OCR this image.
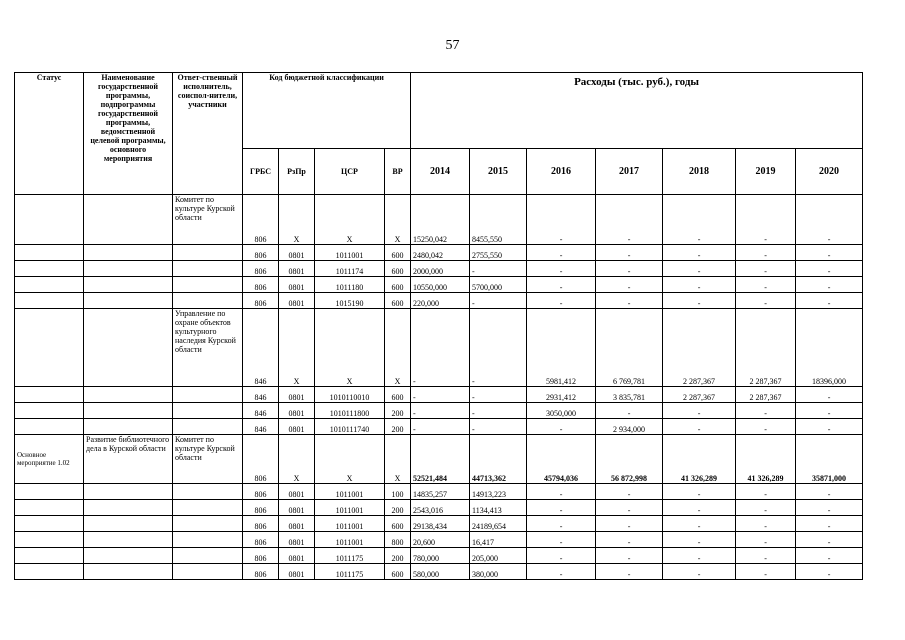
57
Статус	Наименование государственной программы, подпрограммы государственной программы, ведомственной целевой программы, основного мероприятия	Ответ-ственный исполнитель, соиспол-нители, участники	Код бюджетной классификации				Расходы (тыс. руб.), годы						
			ГРБС	РзПр	ЦСР	ВР	2014	2015	2016	2017	2018	2019	2020
		Комитет по культуре Курской области	806	Х	Х	Х	15250,042	8455,550	-	-	-	-	-
			806	0801	1011001	600	2480,042	2755,550	-	-	-	-	-
			806	0801	1011174	600	2000,000	-	-	-	-	-	-
			806	0801	1011180	600	10550,000	5700,000	-	-	-	-	-
			806	0801	1015190	600	220,000	-	-	-	-	-	-
		Управление по охране объектов культурного наследия Курской области	846	Х	Х	Х	-	-	5981,412	6 769,781	2 287,367	2 287,367	18396,000
			846	0801	1010110010	600	-	-	2931,412	3 835,781	2 287,367	2 287,367	-
			846	0801	1010111800	200	-	-	3050,000	-	-	-	-
			846	0801	1010111740	200	-	-	-	2 934,000	-	-	-
Основное мероприятие 1.02	Развитие библиотечного дела в Курской области	Комитет по культуре Курской области	806	Х	Х	Х	52521,484	44713,362	45794,036	56 872,998	41 326,289	41 326,289	35871,000
			806	0801	1011001	100	14835,257	14913,223	-	-	-	-	-
			806	0801	1011001	200	2543,016	1134,413	-	-	-	-	-
			806	0801	1011001	600	29138,434	24189,654	-	-	-	-	-
			806	0801	1011001	800	20,600	16,417	-	-	-	-	-
			806	0801	1011175	200	780,000	205,000	-	-	-	-	-
			806	0801	1011175	600	580,000	380,000	-	-	-	-	-
